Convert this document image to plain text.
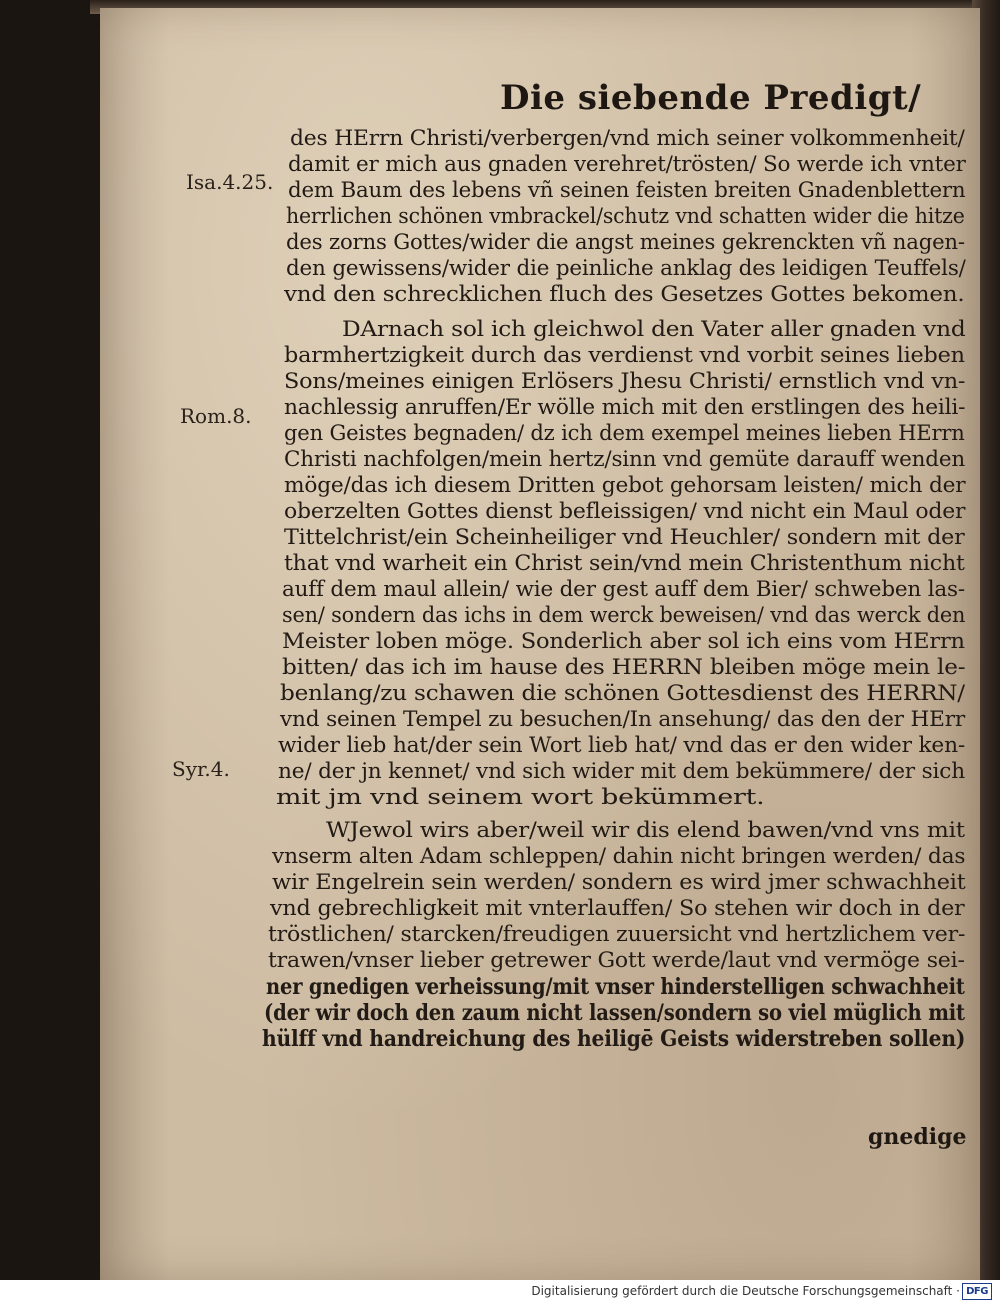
Die siebende Predigt/
Isa.4.25.
Rom.8.
Syr.4.
des HErrn Christi/verbergen/vnd mich seiner volkommenheit/
damit er mich aus gnaden verehret/trösten/ So werde ich vnter
dem Baum des lebens vñ seinen feisten breiten Gnadenblettern
herrlichen schönen vmbrackel/schutz vnd schatten wider die hitze
des zorns Gottes/wider die angst meines gekrenckten vñ nagen-
den gewissens/wider die peinliche anklag des leidigen Teuffels/
vnd den schrecklichen fluch des Gesetzes Gottes bekomen.
DArnach sol ich gleichwol den Vater aller gnaden vnd
barmhertzigkeit durch das verdienst vnd vorbit seines lieben
Sons/meines einigen Erlösers Jhesu Christi/ ernstlich vnd vn-
nachlessig anruffen/Er wölle mich mit den erstlingen des heili-
gen Geistes begnaden/ dz ich dem exempel meines lieben HErrn
Christi nachfolgen/mein hertz/sinn vnd gemüte darauff wenden
möge/das ich diesem Dritten gebot gehorsam leisten/ mich der
oberzelten Gottes dienst befleissigen/ vnd nicht ein Maul oder
Tittelchrist/ein Scheinheiliger vnd Heuchler/ sondern mit der
that vnd warheit ein Christ sein/vnd mein Christenthum nicht
auff dem maul allein/ wie der gest auff dem Bier/ schweben las-
sen/ sondern das ichs in dem werck beweisen/ vnd das werck den
Meister loben möge. Sonderlich aber sol ich eins vom HErrn
bitten/ das ich im hause des HERRN bleiben möge mein le-
benlang/zu schawen die schönen Gottesdienst des HERRN/
vnd seinen Tempel zu besuchen/In ansehung/ das den der HErr
wider lieb hat/der sein Wort lieb hat/ vnd das er den wider ken-
ne/ der jn kennet/ vnd sich wider mit dem bekümmere/ der sich
mit jm vnd seinem wort bekümmert.
WJewol wirs aber/weil wir dis elend bawen/vnd vns mit
vnserm alten Adam schleppen/ dahin nicht bringen werden/ das
wir Engelrein sein werden/ sondern es wird jmer schwachheit
vnd gebrechligkeit mit vnterlauffen/ So stehen wir doch in der
tröstlichen/ starcken/freudigen zuuersicht vnd hertzlichem ver-
trawen/vnser lieber getrewer Gott werde/laut vnd vermöge sei-
ner gnedigen verheissung/mit vnser hinderstelligen schwachheit
(der wir doch den zaum nicht lassen/sondern so viel müglich mit
hülff vnd handreichung des heiligē Geists widerstreben sollen)
gnedige
Digitalisierung gefördert durch die Deutsche Forschungsgemeinschaft · DFG
